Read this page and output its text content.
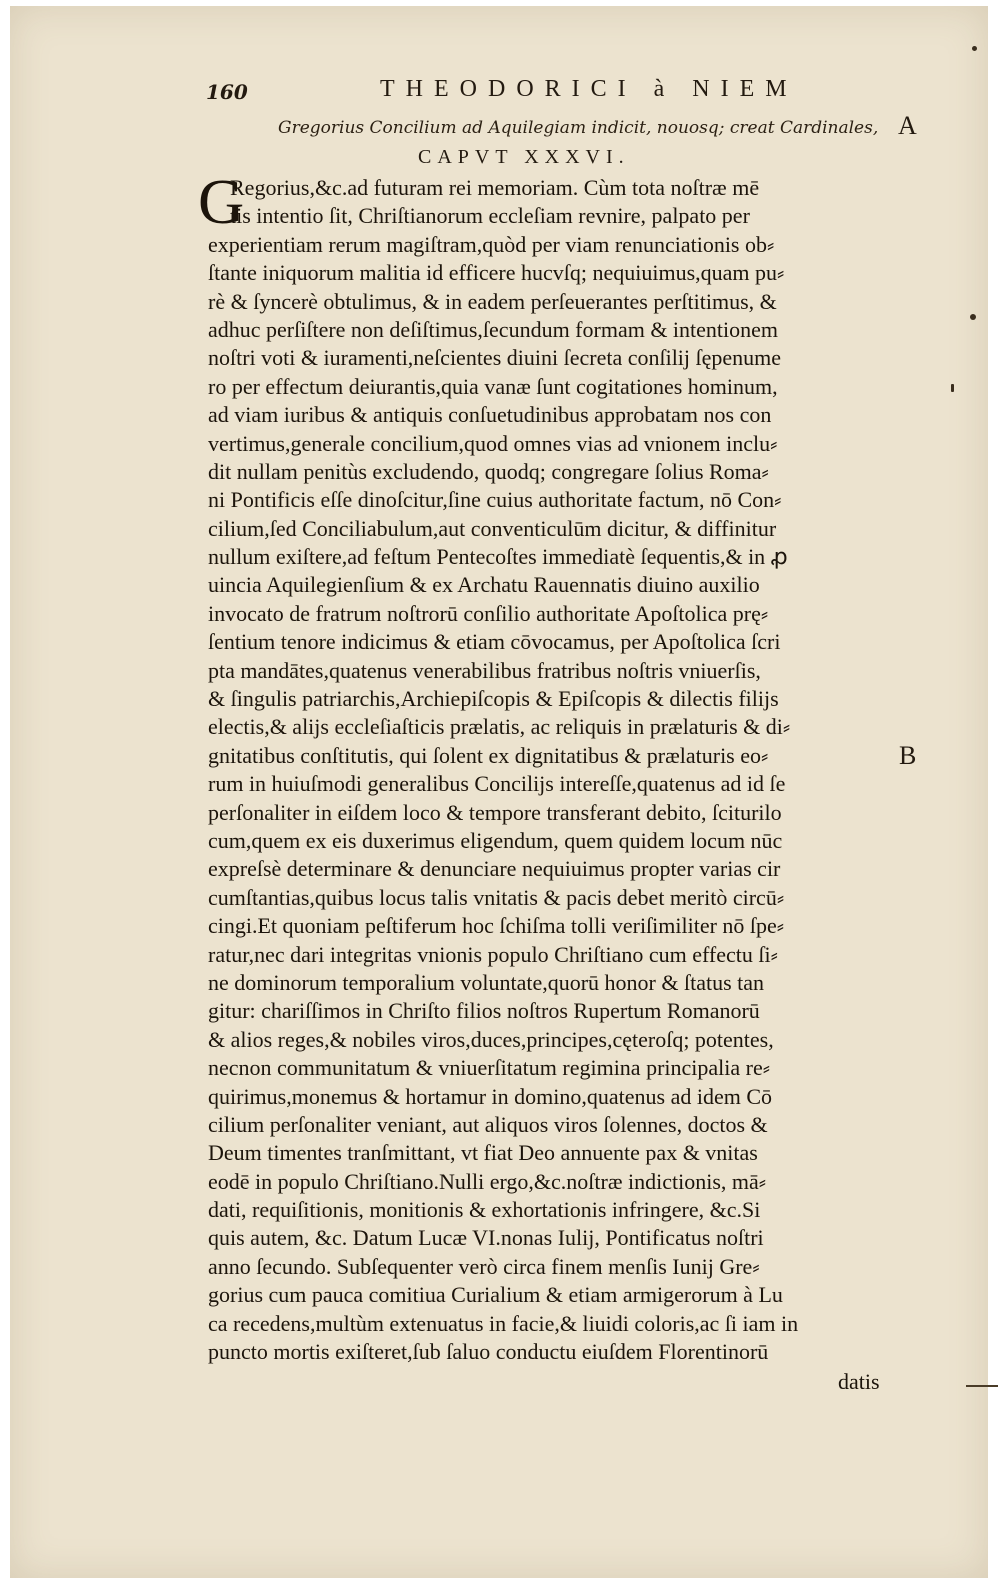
160	THEODORICI à NIEM
Gregorius Concilium ad Aquilegiam indicit, nouosq; creat Cardinales, A
CAPVT XXXVI.
B
G
Regorius,&c.ad futuram rei memoriam. Cùm tota noſtræ mē
tis intentio ſit, Chriſtianorum eccleſiam revnire, palpato per
experientiam rerum magiſtram,quòd per viam renunciationis ob⸗
ſtante iniquorum malitia id efficere hucvſq; nequiuimus,quam pu⸗
rè & ſyncerè obtulimus, & in eadem perſeuerantes perſtitimus, &
adhuc perſiſtere non deſiſtimus,ſecundum formam & intentionem
noſtri voti & iuramenti,neſcientes diuini ſecreta conſilij ſępenume
ro per effectum deiurantis,quia vanæ ſunt cogitationes hominum,
ad viam iuribus & antiquis conſuetudinibus approbatam nos con
vertimus,generale concilium,quod omnes vias ad vnionem inclu⸗
dit nullam penitùs excludendo, quodq; congregare ſolius Roma⸗
ni Pontificis eſſe dinoſcitur,ſine cuius authoritate factum, nō Con⸗
cilium,ſed Conciliabulum,aut conventiculūm dicitur, & diffinitur
nullum exiſtere,ad feſtum Pentecoſtes immediatè ſequentis,& in ꝓ
uincia Aquilegienſium & ex Archatu Rauennatis diuino auxilio
invocato de fratrum noſtrorū conſilio authoritate Apoſtolica prę⸗
ſentium tenore indicimus & etiam cōvocamus, per Apoſtolica ſcri
pta mandātes,quatenus venerabilibus fratribus noſtris vniuerſis,
& ſingulis patriarchis,Archiepiſcopis & Epiſcopis & dilectis filijs
electis,& alijs eccleſiaſticis prælatis, ac reliquis in prælaturis & di⸗
gnitatibus conſtitutis, qui ſolent ex dignitatibus & prælaturis eo⸗
rum in huiuſmodi generalibus Concilijs intereſſe,quatenus ad id ſe
perſonaliter in eiſdem loco & tempore transferant debito, ſciturilo
cum,quem ex eis duxerimus eligendum, quem quidem locum nūc
expreſsè determinare & denunciare nequiuimus propter varias cir
cumſtantias,quibus locus talis vnitatis & pacis debet meritò circū⸗
cingi.Et quoniam peſtiferum hoc ſchiſma tolli veriſimiliter nō ſpe⸗
ratur,nec dari integritas vnionis populo Chriſtiano cum effectu ſi⸗
ne dominorum temporalium voluntate,quorū honor & ſtatus tan
gitur: chariſſimos in Chriſto filios noſtros Rupertum Romanorū
& alios reges,& nobiles viros,duces,principes,cęteroſq; potentes,
necnon communitatum & vniuerſitatum regimina principalia re⸗
quirimus,monemus & hortamur in domino,quatenus ad idem Cō
cilium perſonaliter veniant, aut aliquos viros ſolennes, doctos &
Deum timentes tranſmittant, vt fiat Deo annuente pax & vnitas
eodē in populo Chriſtiano.Nulli ergo,&c.noſtræ indictionis, mā⸗
dati, requiſitionis, monitionis & exhortationis infringere, &c.Si
quis autem, &c. Datum Lucæ VI.nonas Iulij, Pontificatus noſtri
anno ſecundo. Subſequenter verò circa finem menſis Iunij Gre⸗
gorius cum pauca comitiua Curialium & etiam armigerorum à Lu
ca recedens,multùm extenuatus in facie,& liuidi coloris,ac ſi iam in
puncto mortis exiſteret,ſub ſaluo conductu eiuſdem Florentinorū
datis
